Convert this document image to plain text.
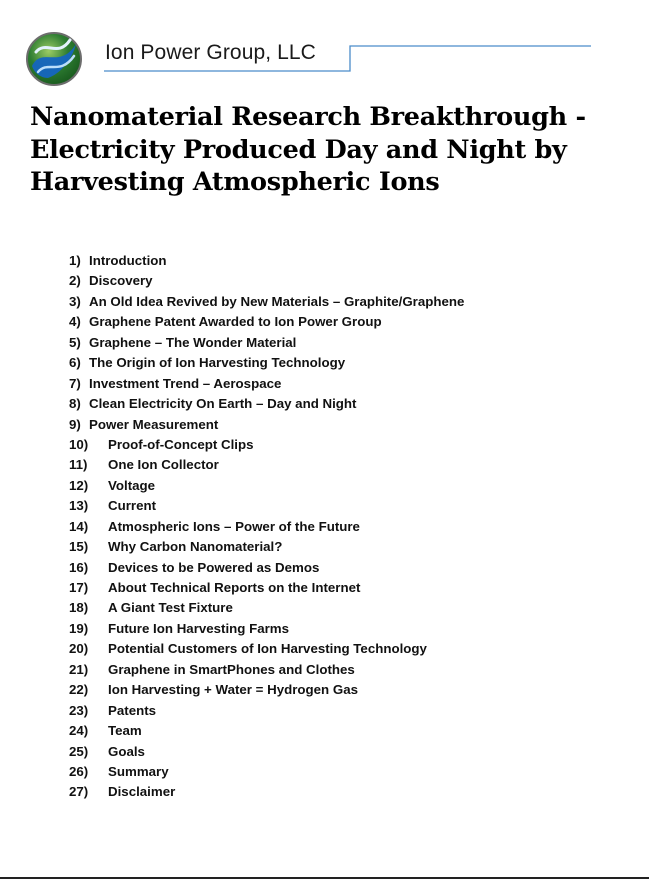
Ion Power Group, LLC
Nanomaterial Research Breakthrough - Electricity Produced Day and Night by Harvesting Atmospheric Ions
1) Introduction
2) Discovery
3) An Old Idea Revived by New Materials – Graphite/Graphene
4) Graphene Patent Awarded to Ion Power Group
5) Graphene – The Wonder Material
6) The Origin of Ion Harvesting Technology
7) Investment Trend – Aerospace
8) Clean Electricity On Earth – Day and Night
9) Power Measurement
10) Proof-of-Concept Clips
11) One Ion Collector
12) Voltage
13) Current
14) Atmospheric Ions – Power of the Future
15) Why Carbon Nanomaterial?
16) Devices to be Powered as Demos
17) About Technical Reports on the Internet
18) A Giant Test Fixture
19) Future Ion Harvesting Farms
20) Potential Customers of Ion Harvesting Technology
21) Graphene in SmartPhones and Clothes
22) Ion Harvesting + Water = Hydrogen Gas
23) Patents
24) Team
25) Goals
26) Summary
27) Disclaimer
